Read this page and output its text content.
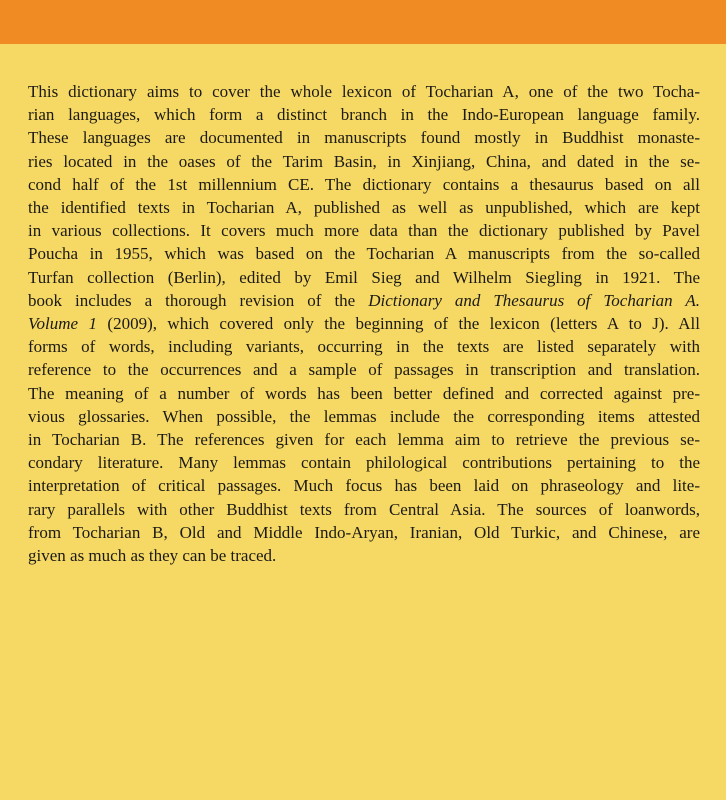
This dictionary aims to cover the whole lexicon of Tocharian A, one of the two Tocha-
rian languages, which form a distinct branch in the Indo-European language family.
These languages are documented in manuscripts found mostly in Buddhist monaste-
ries located in the oases of the Tarim Basin, in Xinjiang, China, and dated in the se-
cond half of the 1st millennium CE. The dictionary contains a thesaurus based on all
the identified texts in Tocharian A, published as well as unpublished, which are kept
in various collections. It covers much more data than the dictionary published by Pavel
Poucha in 1955, which was based on the Tocharian A manuscripts from the so-called
Turfan collection (Berlin), edited by Emil Sieg and Wilhelm Siegling in 1921. The
book includes a thorough revision of the Dictionary and Thesaurus of Tocharian A.
Volume 1 (2009), which covered only the beginning of the lexicon (letters A to J). All
forms of words, including variants, occurring in the texts are listed separately with
reference to the occurrences and a sample of passages in transcription and translation.
The meaning of a number of words has been better defined and corrected against pre-
vious glossaries. When possible, the lemmas include the corresponding items attested
in Tocharian B. The references given for each lemma aim to retrieve the previous se-
condary literature. Many lemmas contain philological contributions pertaining to the
interpretation of critical passages. Much focus has been laid on phraseology and lite-
rary parallels with other Buddhist texts from Central Asia. The sources of loanwords,
from Tocharian B, Old and Middle Indo-Aryan, Iranian, Old Turkic, and Chinese, are
given as much as they can be traced.
